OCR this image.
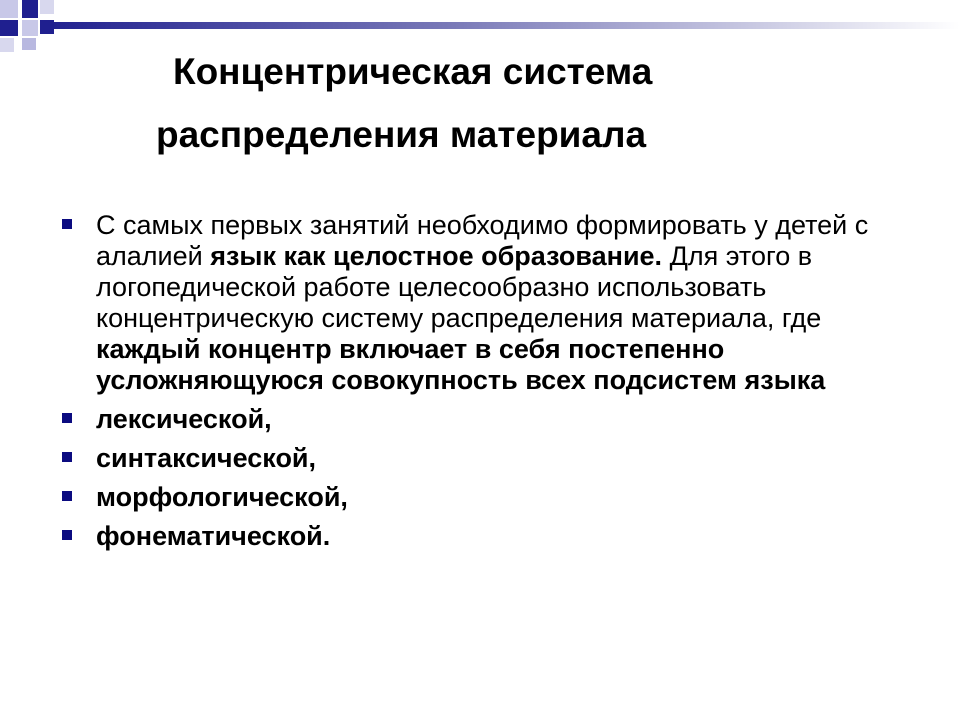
Концентрическая система
распределения материала
С самых первых занятий необходимо формировать у детей с алалией язык как целостное образование. Для этого в логопедической работе целесообразно использовать концентрическую систему распределения материала, где каждый концентр включает в себя постепенно усложняющуюся совокупность всех подсистем языка
лексической,
синтаксической,
морфологической,
фонематической.
